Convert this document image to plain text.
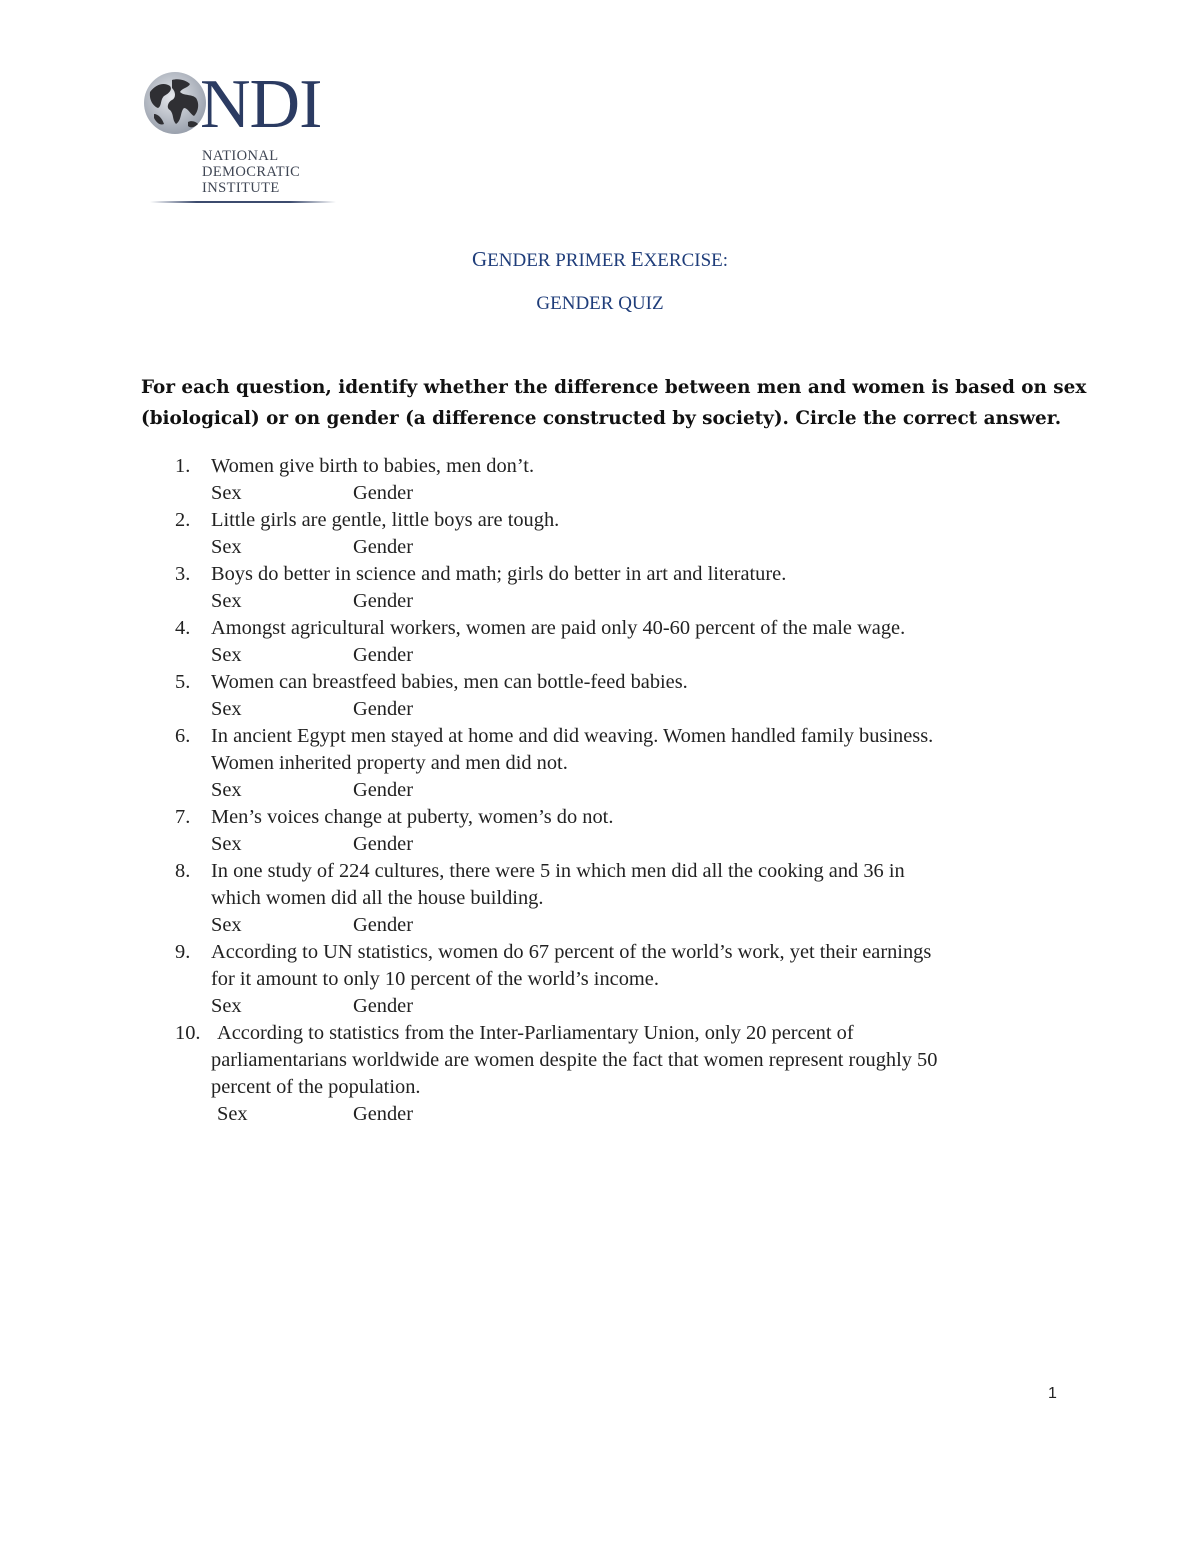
NDI
NATIONAL
DEMOCRATIC
INSTITUTE
GENDER PRIMER EXERCISE:
GENDER QUIZ
For each question, identify whether the difference between men and women is based on sex
(biological) or on gender (a difference constructed by society). Circle the correct answer.
1. Women give birth to babies, men don’t.
Sex	Gender
2. Little girls are gentle, little boys are tough.
Sex	Gender
3. Boys do better in science and math; girls do better in art and literature.
Sex	Gender
4. Amongst agricultural workers, women are paid only 40-60 percent of the male wage.
Sex	Gender
5. Women can breastfeed babies, men can bottle-feed babies.
Sex	Gender
6. In ancient Egypt men stayed at home and did weaving. Women handled family business.
Women inherited property and men did not.
Sex	Gender
7. Men’s voices change at puberty, women’s do not.
Sex	Gender
8. In one study of 224 cultures, there were 5 in which men did all the cooking and 36 in
which women did all the house building.
Sex	Gender
9. According to UN statistics, women do 67 percent of the world’s work, yet their earnings
for it amount to only 10 percent of the world’s income.
Sex	Gender
10. According to statistics from the Inter-Parliamentary Union, only 20 percent of
parliamentarians worldwide are women despite the fact that women represent roughly 50
percent of the population.
Sex	Gender
1
